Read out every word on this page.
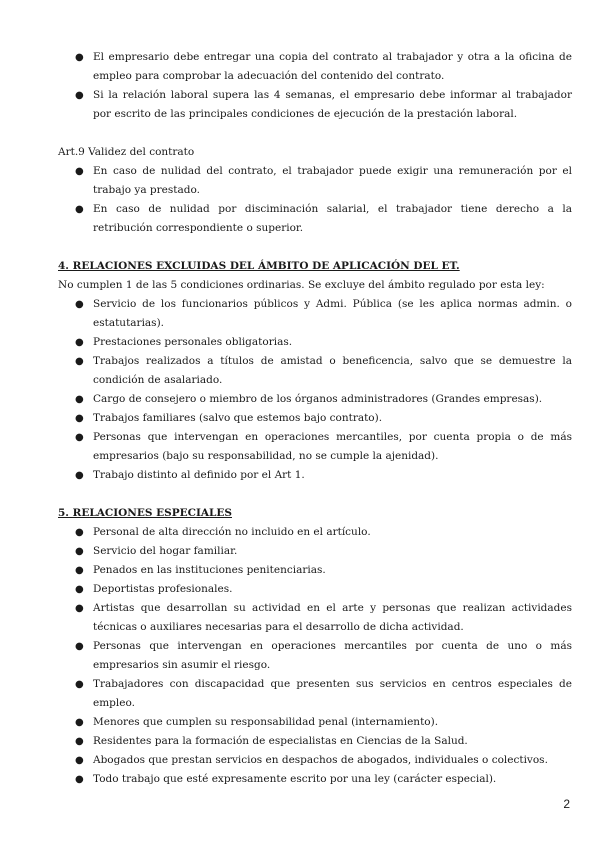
● El empresario debe entregar una copia del contrato al trabajador y otra a la oficina de empleo para comprobar la adecuación del contenido del contrato.
● Si la relación laboral supera las 4 semanas, el empresario debe informar al trabajador por escrito de las principales condiciones de ejecución de la prestación laboral.

Art.9 Validez del contrato

● En caso de nulidad del contrato, el trabajador puede exigir una remuneración por el trabajo ya prestado.
● En caso de nulidad por disciminación salarial, el trabajador tiene derecho a la retribución correspondiente o superior.

4. RELACIONES EXCLUIDAS DEL ÁMBITO DE APLICACIÓN DEL ET.

No cumplen 1 de las 5 condiciones ordinarias. Se excluye del ámbito regulado por esta ley:

● Servicio de los funcionarios públicos y Admi. Pública (se les aplica normas admin. o estatutarias).
● Prestaciones personales obligatorias.
● Trabajos realizados a títulos de amistad o beneficencia, salvo que se demuestre la condición de asalariado.
● Cargo de consejero o miembro de los órganos administradores (Grandes empresas).
● Trabajos familiares (salvo que estemos bajo contrato).
● Personas que intervengan en operaciones mercantiles, por cuenta propia o de más empresarios (bajo su responsabilidad, no se cumple la ajenidad).
● Trabajo distinto al definido por el Art 1.

5. RELACIONES ESPECIALES

● Personal de alta dirección no incluido en el artículo.
● Servicio del hogar familiar.
● Penados en las instituciones penitenciarias.
● Deportistas profesionales.
● Artistas que desarrollan su actividad en el arte y personas que realizan actividades técnicas o auxiliares necesarias para el desarrollo de dicha actividad.
● Personas que intervengan en operaciones mercantiles por cuenta de uno o más empresarios sin asumir el riesgo.
● Trabajadores con discapacidad que presenten sus servicios en centros especiales de empleo.
● Menores que cumplen su responsabilidad penal (internamiento).
● Residentes para la formación de especialistas en Ciencias de la Salud.
● Abogados que prestan servicios en despachos de abogados, individuales o colectivos.
● Todo trabajo que esté expresamente escrito por una ley (carácter especial).
2
